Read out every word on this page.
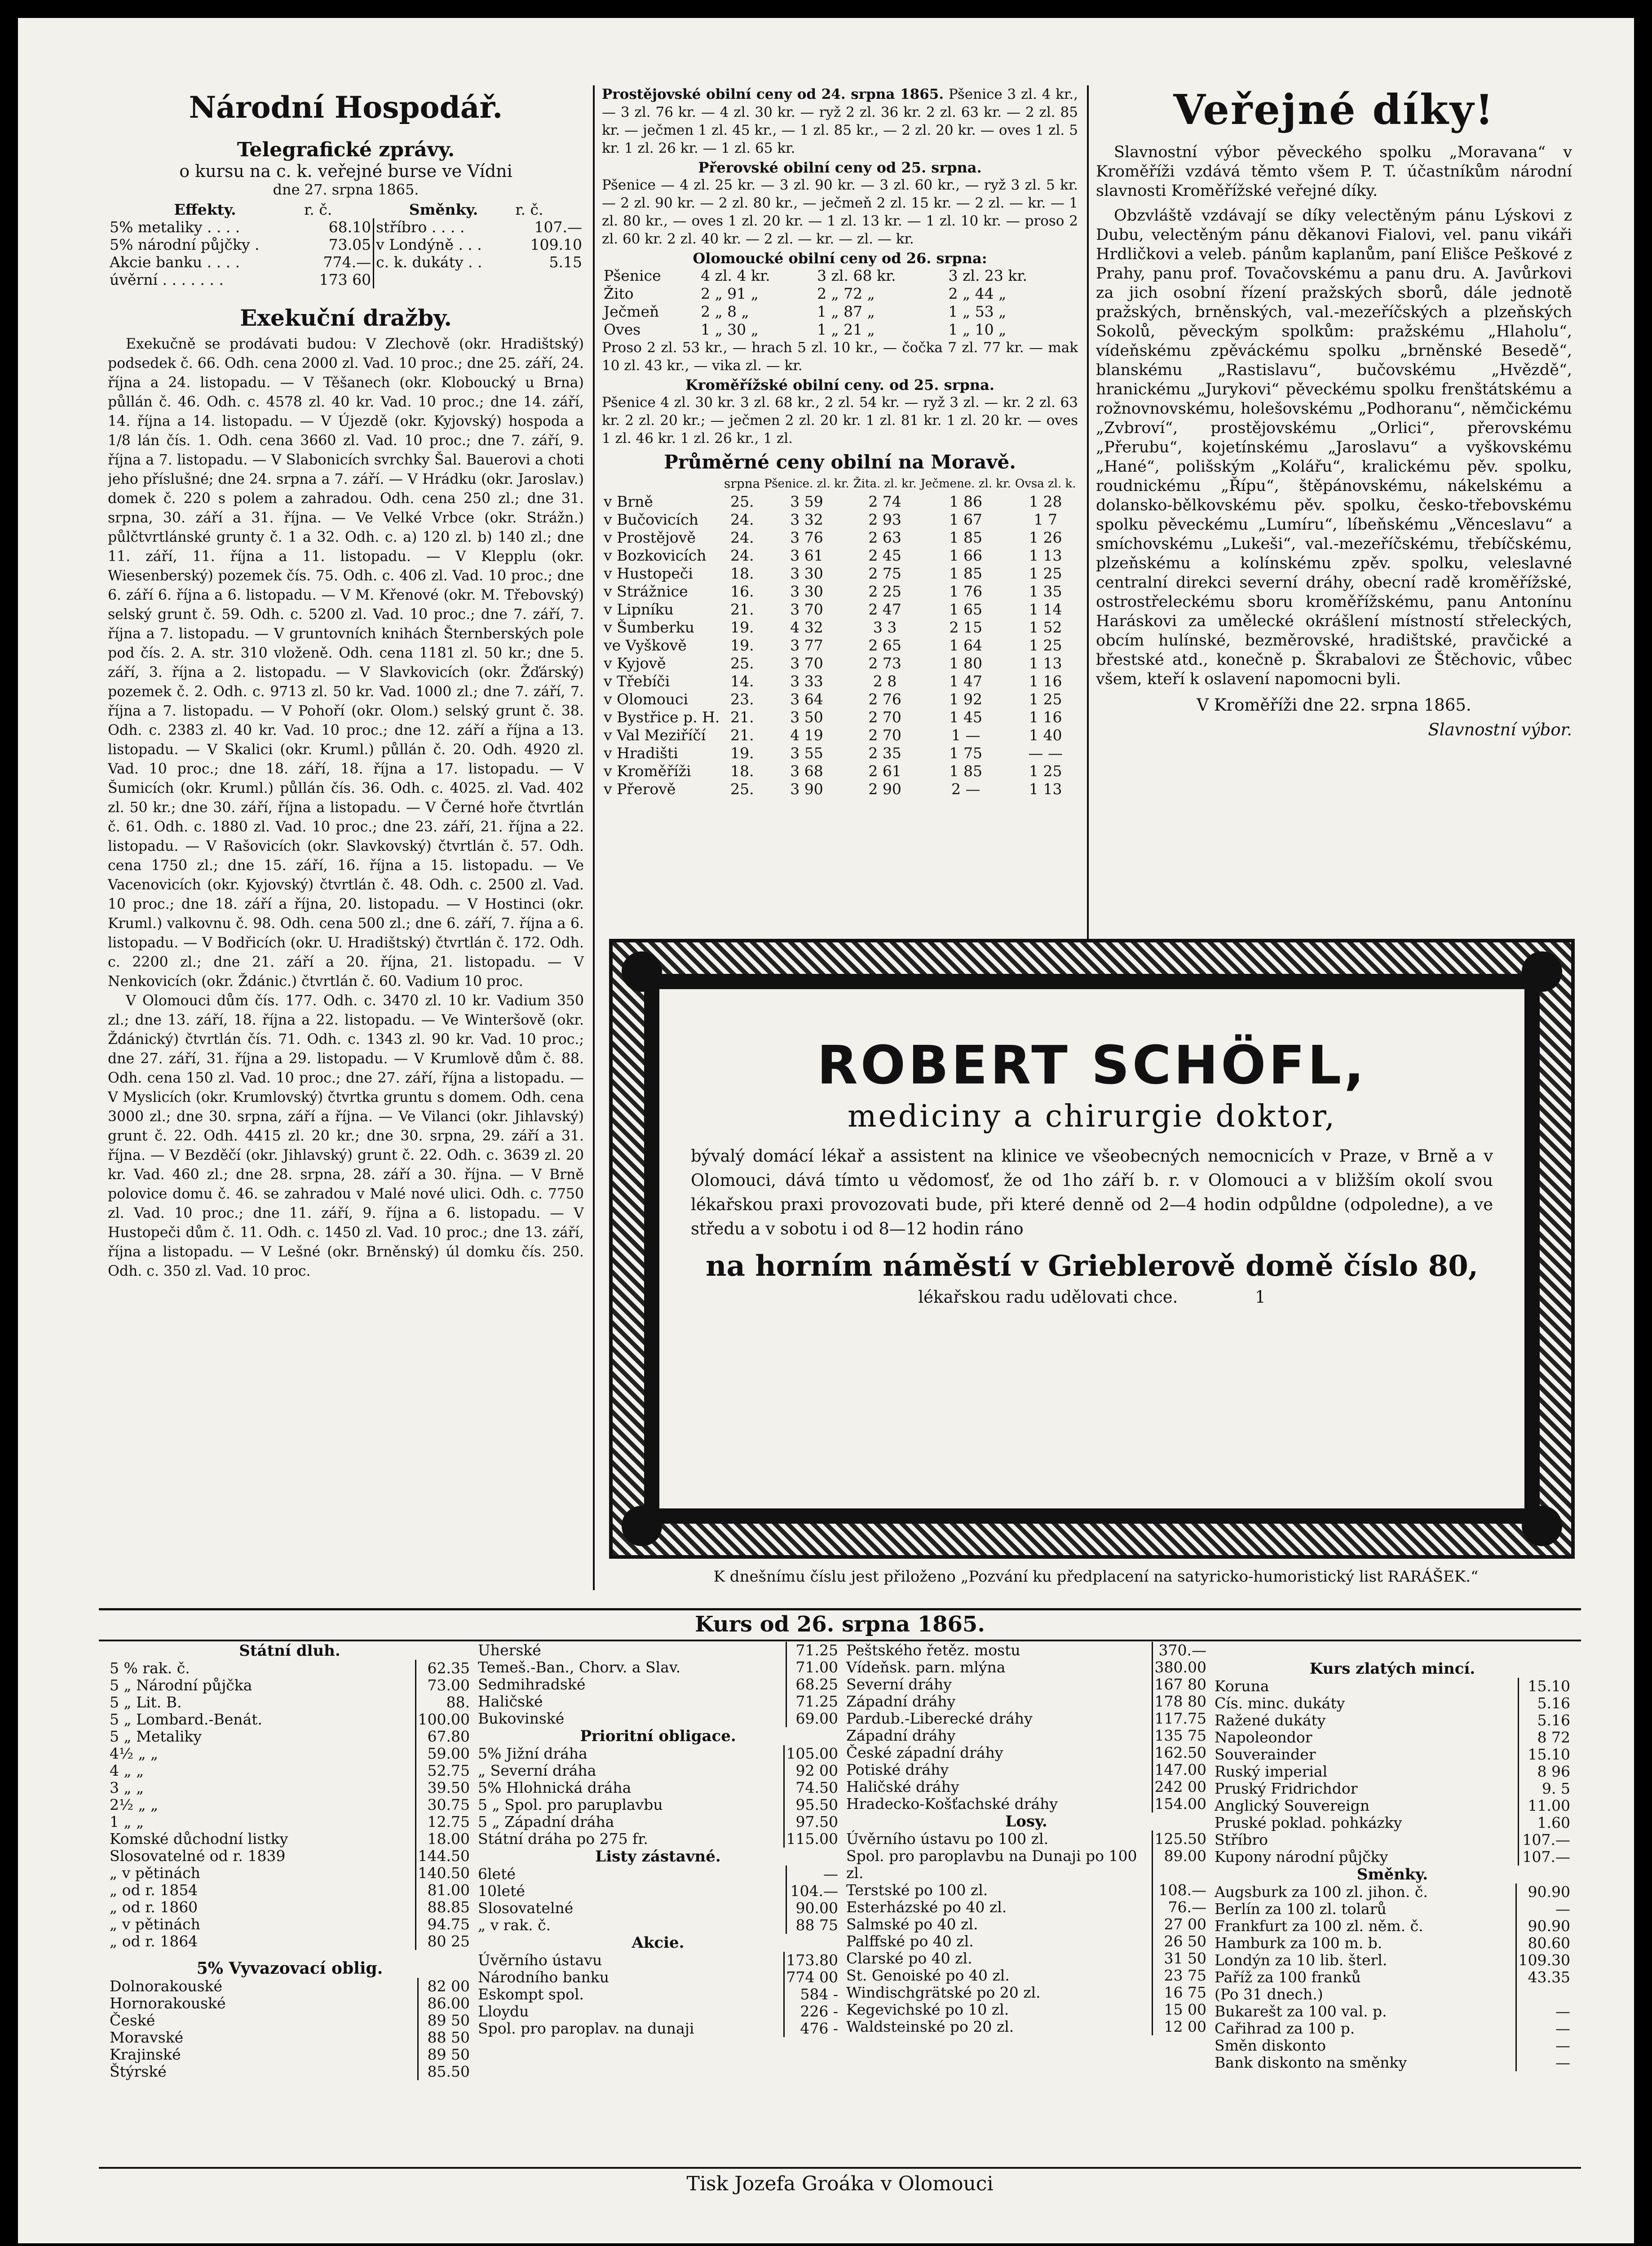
Národní Hospodář.
Telegrafické zprávy.
o kursu na c. k. veřejné burse ve Vídni
dne 27. srpna 1865.
Effekty.	r. č.	Směnky.	r. č.
5% metaliky . . . .	68.10	stříbro . . . .	107.—
5% národní půjčky .	73.05	v Londýně . . .	109.10
Akcie banku . . . .	774.—	c. k. dukáty . .	5.15
úvěrní . . . . . . .	173 60		
Exekuční dražby.

Exekučně se prodávati budou: V Zlechově (okr. Hradištský) podsedek č. 66. Odh. cena 2000 zl. Vad. 10 proc.; dne 25. září, 24. října a 24. listopadu. — V Těšanech (okr. Kloboucký u Brna) půllán č. 46. Odh. c. 4578 zl. 40 kr. Vad. 10 proc.; dne 14. září, 14. října a 14. listopadu. — V Újezdě (okr. Kyjovský) hospoda a 1/8 lán čís. 1. Odh. cena 3660 zl. Vad. 10 proc.; dne 7. září, 9. října a 7. listopadu. — V Slabonicích svrchky Šal. Bauerovi a choti jeho příslušné; dne 24. srpna a 7. září. — V Hrádku (okr. Jaroslav.) domek č. 220 s polem a zahradou. Odh. cena 250 zl.; dne 31. srpna, 30. září a 31. října. — Ve Velké Vrbce (okr. Strážn.) půlčtvrtlánské grunty č. 1 a 32. Odh. c. a) 120 zl. b) 140 zl.; dne 11. září, 11. října a 11. listopadu. — V Klepplu (okr. Wiesenberský) pozemek čís. 75. Odh. c. 406 zl. Vad. 10 proc.; dne 6. září 6. října a 6. listopadu. — V M. Křenové (okr. M. Třebovský) selský grunt č. 59. Odh. c. 5200 zl. Vad. 10 proc.; dne 7. září, 7. října a 7. listopadu. — V gruntovních knihách Šternberských pole pod čís. 2. A. str. 310 vloženě. Odh. cena 1181 zl. 50 kr.; dne 5. září, 3. října a 2. listopadu. — V Slavkovicích (okr. Žďárský) pozemek č. 2. Odh. c. 9713 zl. 50 kr. Vad. 1000 zl.; dne 7. září, 7. října a 7. listopadu. — V Pohoří (okr. Olom.) selský grunt č. 38. Odh. c. 2383 zl. 40 kr. Vad. 10 proc.; dne 12. září a října a 13. listopadu. — V Skalici (okr. Kruml.) půllán č. 20. Odh. 4920 zl. Vad. 10 proc.; dne 18. září, 18. října a 17. listopadu. — V Šumicích (okr. Kruml.) půllán čís. 36. Odh. c. 4025. zl. Vad. 402 zl. 50 kr.; dne 30. září, října a listopadu. — V Černé hoře čtvrtlán č. 61. Odh. c. 1880 zl. Vad. 10 proc.; dne 23. září, 21. října a 22. listopadu. — V Rašovicích (okr. Slavkovský) čtvrtlán č. 57. Odh. cena 1750 zl.; dne 15. září, 16. října a 15. listopadu. — Ve Vacenovicích (okr. Kyjovský) čtvrtlán č. 48. Odh. c. 2500 zl. Vad. 10 proc.; dne 18. září a října, 20. listopadu. — V Hostinci (okr. Kruml.) valkovnu č. 98. Odh. cena 500 zl.; dne 6. září, 7. října a 6. listopadu. — V Bodřicích (okr. U. Hradištský) čtvrtlán č. 172. Odh. c. 2200 zl.; dne 21. září a 20. října, 21. listopadu. — V Nenkovicích (okr. Ždánic.) čtvrtlán č. 60. Vadium 10 proc.

V Olomouci dům čís. 177. Odh. c. 3470 zl. 10 kr. Vadium 350 zl.; dne 13. září, 18. října a 22. listopadu. — Ve Winteršově (okr. Ždánický) čtvrtlán čís. 71. Odh. c. 1343 zl. 90 kr. Vad. 10 proc.; dne 27. září, 31. října a 29. listopadu. — V Krumlově dům č. 88. Odh. cena 150 zl. Vad. 10 proc.; dne 27. září, října a listopadu. — V Myslicích (okr. Krumlovský) čtvrtka gruntu s domem. Odh. cena 3000 zl.; dne 30. srpna, září a října. — Ve Vilanci (okr. Jihlavský) grunt č. 22. Odh. 4415 zl. 20 kr.; dne 30. srpna, 29. září a 31. října. — V Bezděčí (okr. Jihlavský) grunt č. 22. Odh. c. 3639 zl. 20 kr. Vad. 460 zl.; dne 28. srpna, 28. září a 30. října. — V Brně polovice domu č. 46. se zahradou v Malé nové ulici. Odh. c. 7750 zl. Vad. 10 proc.; dne 11. září, 9. října a 6. listopadu. — V Hustopeči dům č. 11. Odh. c. 1450 zl. Vad. 10 proc.; dne 13. září, října a listopadu. — V Lešné (okr. Brněnský) úl domku čís. 250. Odh. c. 350 zl. Vad. 10 proc.

Prostějovské obilní ceny od 24. srpna 1865. Pšenice 3 zl. 4 kr., — 3 zl. 76 kr. — 4 zl. 30 kr. — ryž 2 zl. 36 kr. 2 zl. 63 kr. — 2 zl. 85 kr. — ječmen 1 zl. 45 kr., — 1 zl. 85 kr., — 2 zl. 20 kr. — oves 1 zl. 5 kr. 1 zl. 26 kr. — 1 zl. 65 kr.

Přerovské obilní ceny od 25. srpna.

Pšenice — 4 zl. 25 kr. — 3 zl. 90 kr. — 3 zl. 60 kr., — ryž 3 zl. 5 kr. — 2 zl. 90 kr. — 2 zl. 80 kr., — ječmeň 2 zl. 15 kr. — 2 zl. — kr. — 1 zl. 80 kr., — oves 1 zl. 20 kr. — 1 zl. 13 kr. — 1 zl. 10 kr. — proso 2 zl. 60 kr. 2 zl. 40 kr. — 2 zl. — kr. — zl. — kr.

Olomoucké obilní ceny od 26. srpna:
Pšenice	4 zl. 4 kr.	3 zl. 68 kr.	3 zl. 23 kr.
Žito	2 „ 91 „	2 „ 72 „	2 „ 44 „
Ječmeň	2 „ 8 „	1 „ 87 „	1 „ 53 „
Oves	1 „ 30 „	1 „ 21 „	1 „ 10 „

Proso 2 zl. 53 kr., — hrach 5 zl. 10 kr., — čočka 7 zl. 77 kr. — mak 10 zl. 43 kr., — vika zl. — kr.

Kroměřížské obilní ceny. od 25. srpna.

Pšenice 4 zl. 30 kr. 3 zl. 68 kr., 2 zl. 54 kr. — ryž 3 zl. — kr. 2 zl. 63 kr. 2 zl. 20 kr.; — ječmen 2 zl. 20 kr. 1 zl. 81 kr. 1 zl. 20 kr. — oves 1 zl. 46 kr. 1 zl. 26 kr., 1 zl.

Průměrné ceny obilní na Moravě.
	srpna	Pšenice. zl. kr.	Žita. zl. kr.	Ječmene. zl. kr.	Ovsa zl. k.
v Brně	25.	3 59	2 74	1 86	1 28
v Bučovicích	24.	3 32	2 93	1 67	1 7
v Prostějově	24.	3 76	2 63	1 85	1 26
v Bozkovicích	24.	3 61	2 45	1 66	1 13
v Hustopeči	18.	3 30	2 75	1 85	1 25
v Strážnice	16.	3 30	2 25	1 76	1 35
v Lipníku	21.	3 70	2 47	1 65	1 14
v Šumberku	19.	4 32	3 3	2 15	1 52
ve Vyškově	19.	3 77	2 65	1 64	1 25
v Kyjově	25.	3 70	2 73	1 80	1 13
v Třebíči	14.	3 33	2 8	1 47	1 16
v Olomouci	23.	3 64	2 76	1 92	1 25
v Bystřice p. H.	21.	3 50	2 70	1 45	1 16
v Val Meziříčí	21.	4 19	2 70	1 —	1 40
v Hradišti	19.	3 55	2 35	1 75	— —
v Kroměříži	18.	3 68	2 61	1 85	1 25
v Přerově	25.	3 90	2 90	2 —	1 13
Veřejné díky!

Slavnostní výbor pěveckého spolku „Moravana“ v Kroměříži vzdává těmto všem P. T. účastníkům národní slavnosti Kroměřížské veřejné díky.

Obzvláště vzdávají se díky velectěným pánu Lýskovi z Dubu, velectěným pánu děkanovi Fialovi, vel. panu vikáři Hrdličkovi a veleb. pánům kaplanům, paní Elišce Peškové z Prahy, panu prof. Tovačovskému a panu dru. A. Javůrkovi za jich osobní řízení pražských sborů, dále jednotě pražských, brněnských, val.-mezeříčských a plzeňských Sokolů, pěveckým spolkům: pražskému „Hlaholu“, vídeňskému zpěváckému spolku „brněnské Besedě“, blanskému „Rastislavu“, bučovskému „Hvězdě“, hranickému „Jurykovi“ pěveckému spolku frenštátskému a rožnovnovskému, holešovskému „Podhoranu“, němčickému „Zvbroví“, prostějovskému „Orlici“, přerovskému „Přerubu“, kojetínskému „Jaroslavu“ a vyškovskému „Hané“, polišským „Kolářu“, kralickému pěv. spolku, roudnickému „Řípu“, štěpánovskému, nákelskému a dolansko-bělkovskému pěv. spolku, česko-třebovskému spolku pěveckému „Lumíru“, líbeňskému „Věnceslavu“ a smíchovskému „Lukeši“, val.-mezeříčskému, třebíčskému, plzeňskému a kolínskému zpěv. spolku, veleslavné centralní direkci severní dráhy, obecní radě kroměřížské, ostrostřeleckému sboru kroměřížskému, panu Antonínu Haráskovi za umělecké okrášlení místností střeleckých, obcím hulínské, bezměrovské, hradištské, pravčické a břestské atd., konečně p. Škrabalovi ze Štěchovic, vůbec všem, kteří k oslavení napomocni byli.

V Kroměříži dne 22. srpna 1865.
Slavnostní výbor.
ROBERT SCHÖFL,
mediciny a chirurgie doktor,

bývalý domácí lékař a assistent na klinice ve všeobecných nemocnicích v Praze, v Brně a v Olomouci, dává tímto u vědomosť, že od 1ho září b. r. v Olomouci a v bližším okolí svou lékařskou praxi provozovati bude, při které denně od 2—4 hodin odpůldne (odpoledne), a ve středu a v sobotu i od 8—12 hodin ráno

na horním náměstí v Grieblerově domě číslo 80,
lékařskou radu udělovati chce.	1
K dnešnímu číslu jest přiloženo „Pozvání ku předplacení na satyricko-humoristický list RARÁŠEK.“
Kurs od 26. srpna 1865.
Státní dluh.
5 % rak. č.	62.35
5 „ Národní půjčka	73.00
5 „ Lit. B.	88.
5 „ Lombard.-Benát.	100.00
5 „ Metaliky	67.80
4½ „ „	59.00
4 „ „	52.75
3 „ „	39.50
2½ „ „	30.75
1 „ „	12.75
Komské důchodní listky	18.00
Slosovatelné od r. 1839	144.50
„ v pětinách	140.50
„ od r. 1854	81.00
„ od r. 1860	88.85
„ v pětinách	94.75
„ od r. 1864	80 25
5% Vyvazovací oblig.
Dolnorakouské	82 00
Hornorakouské	86.00
České	89 50
Moravské	88 50
Krajinské	89 50
Štýrské	85.50
Uherské	71.25
Temeš.-Ban., Chorv. a Slav.	71.00
Sedmihradské	68.25
Haličské	71.25
Bukovinské	69.00
Prioritní obligace.
5% Jižní dráha	105.00
„ Severní dráha	92 00
5% Hlohnická dráha	74.50
5 „ Spol. pro paruplavbu	95.50
5 „ Západní dráha	97.50
Státní dráha po 275 fr.	115.00
Listy zástavné.
6leté	—
10leté	104.—
Slosovatelné	90.00
„ v rak. č.	88 75
Akcie.
Úvěrního ústavu	173.80
Národního banku	774 00
Eskompt spol.	584 -
Lloydu	226 -
Spol. pro paroplav. na dunaji	476 -
Peštského řetěz. mostu	370.—
Vídeňsk. parn. mlýna	380.00
Severní dráhy	167 80
Západní dráhy	178 80
Pardub.-Liberecké dráhy	117.75
Západní dráhy	135 75
České západní dráhy	162.50
Potiské dráhy	147.00
Haličské dráhy	242 00
Hradecko-Košťachské dráhy	154.00
Losy.
Úvěrního ústavu po 100 zl.	125.50
Spol. pro paroplavbu na Dunaji po 100 zl.	89.00
Terstské po 100 zl.	108.—
Esterházské po 40 zl.	76.—
Salmské po 40 zl.	27 00
Palffské po 40 zl.	26 50
Clarské po 40 zl.	31 50
St. Genoiské po 40 zl.	23 75
Windischgrätské po 20 zl.	16 75
Kegevichské po 10 zl.	15 00
Waldsteinské po 20 zl.	12 00
Kurs zlatých mincí.
Koruna	15.10
Cís. minc. dukáty	5.16
Ražené dukáty	5.16
Napoleondor	8 72
Souverainder	15.10
Ruský imperial	8 96
Pruský Fridrichdor	9. 5
Anglický Souvereign	11.00
Pruské poklad. pohkázky	1.60
Stříbro	107.—
Kupony národní půjčky	107.—
Směnky.
Augsburk za 100 zl. jihon. č.	90.90
Berlín za 100 zl. tolarů	—
Frankfurt za 100 zl. něm. č.	90.90
Hamburk za 100 m. b.	80.60
Londýn za 10 lib. šterl.	109.30
Paříž za 100 franků	43.35
(Po 31 dnech.)	
Bukarešt za 100 val. p.	—
Cařihrad za 100 p.	—
Směn diskonto	—
Bank diskonto na směnky	—
Tisk Jozefa Groáka v Olomouci
